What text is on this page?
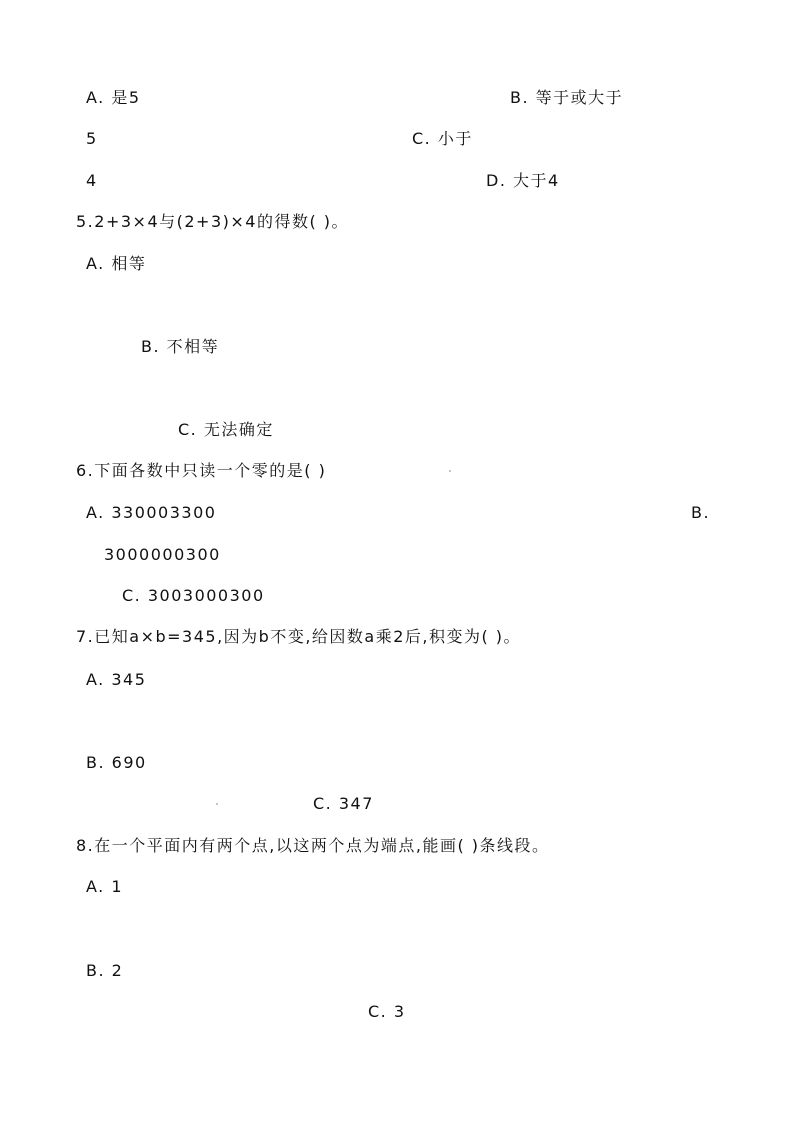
A. 是5	B. 等于或大于
5	C. 小于
4	D. 大于4
5.2+3×4与(2+3)×4的得数( )。
A. 相等
B. 不相等
C. 无法确定
6.下面各数中只读一个零的是( )
A. 330003300	B.
3000000300
C. 3003000300
7.已知a×b=345,因为b不变,给因数a乘2后,积变为( )。
A. 345
B. 690
C. 347
8.在一个平面内有两个点,以这两个点为端点,能画( )条线段。
A. 1
B. 2
C. 3
